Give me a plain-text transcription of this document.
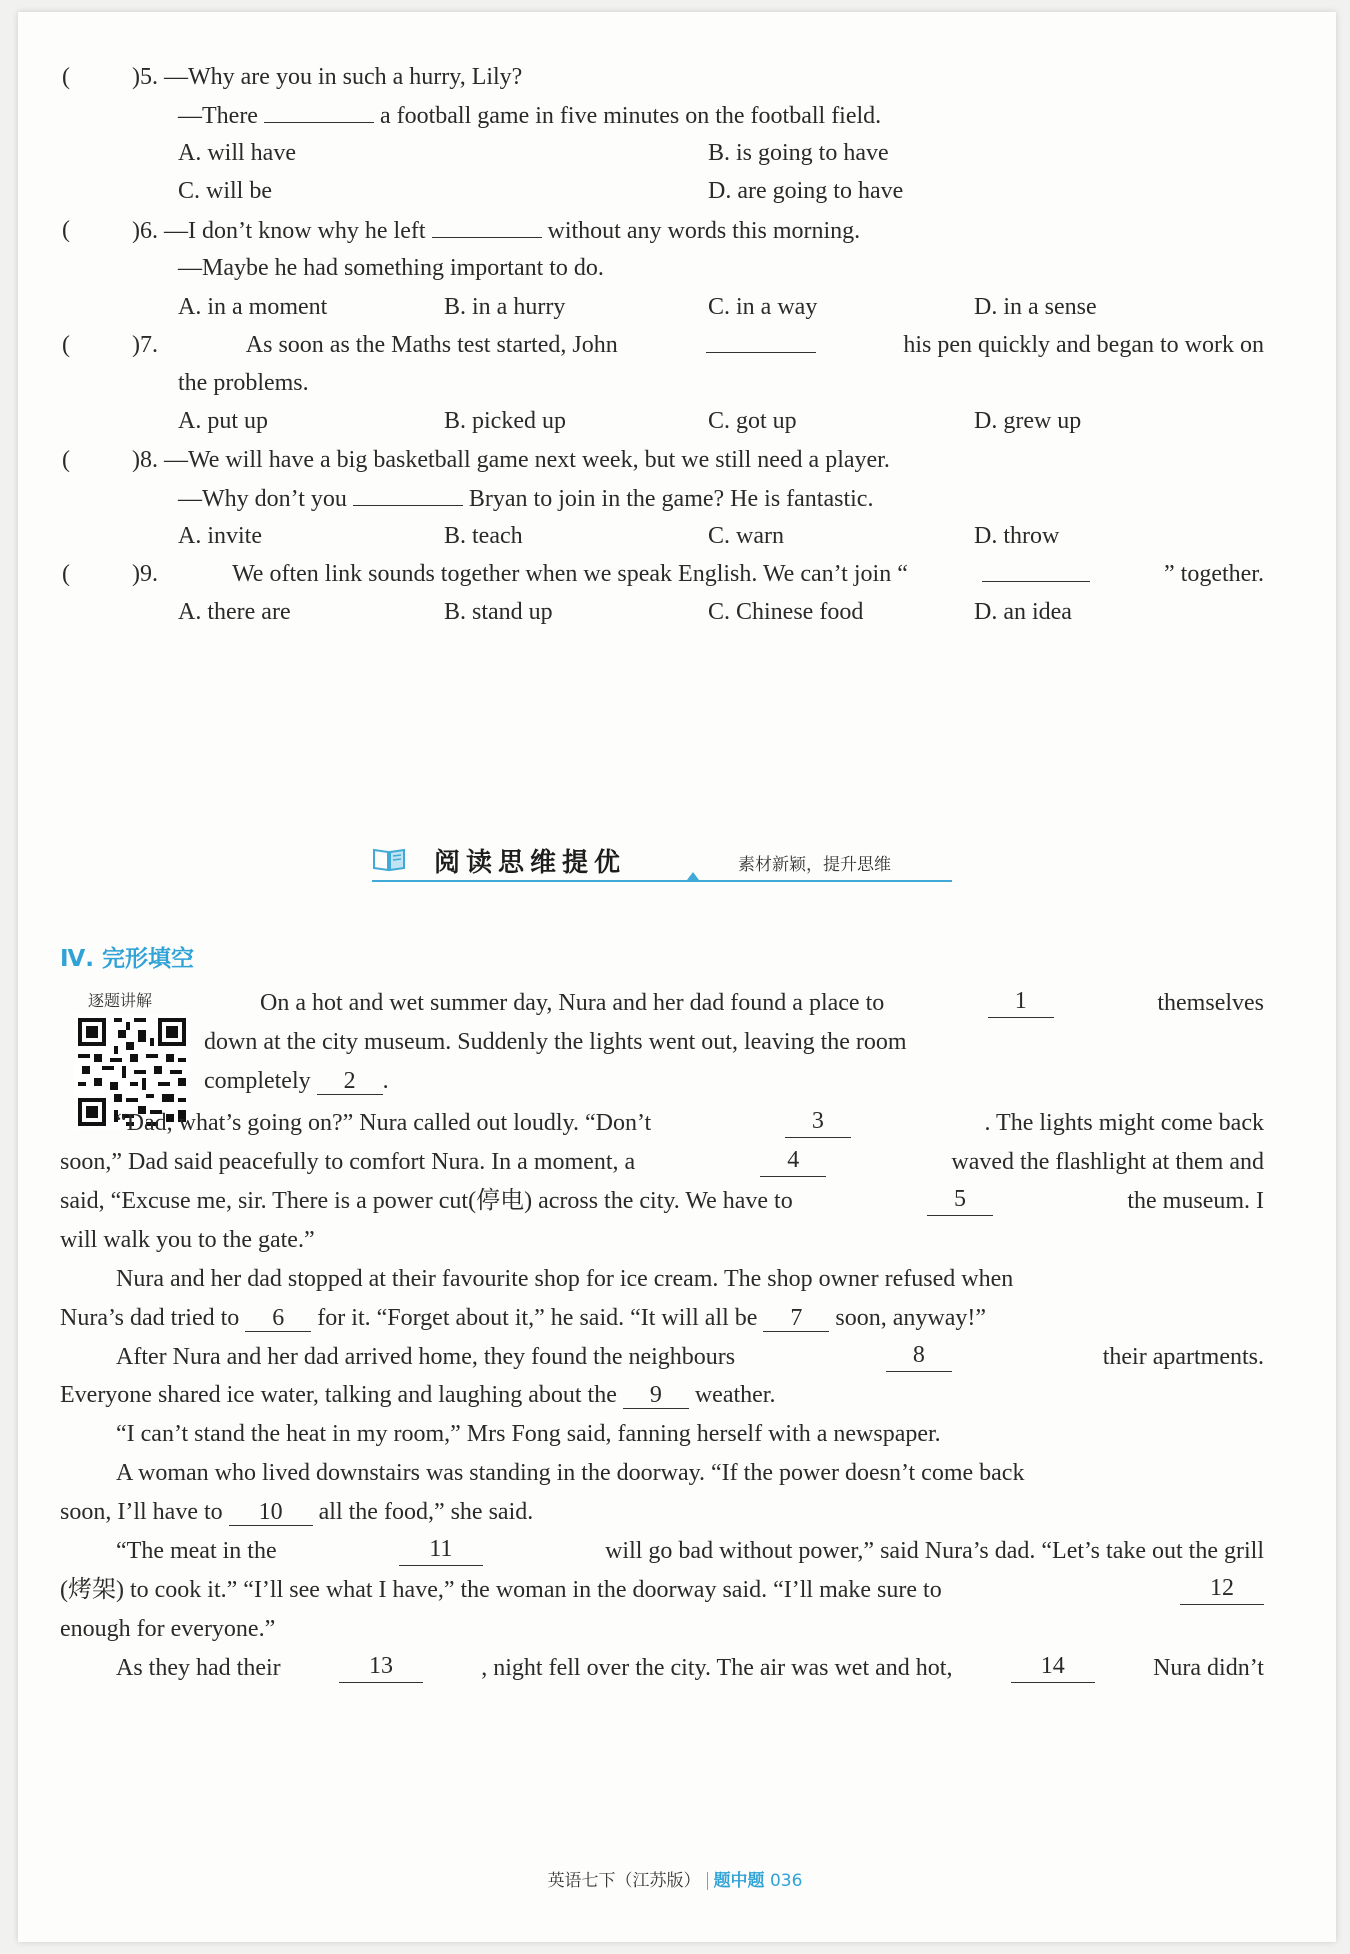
(	)5. —Why are you in such a hurry, Lily?
—There	a football game in five minutes on the football field.
A. will have	B. is going to have
C. will be	D. are going to have
(	)6. —I don’t know why he left	without any words this morning.
—Maybe he had something important to do.
A. in a moment	B. in a hurry	C. in a way	D. in a sense
(	)7.	As soon as the Maths test started, John	his pen quickly and began to work on
the problems.
A. put up	B. picked up	C. got up	D. grew up
(	)8. —We will have a big basketball game next week, but we still need a player.
—Why don’t you	Bryan to join in the game? He is fantastic.
A. invite	B. teach	C. warn	D. throw
(	)9.	We often link sounds together when we speak English. We can’t join “	” together.
A. there are	B. stand up	C. Chinese food	D. an idea
阅读思维提优	素材新颖，提升思维
Ⅳ. 完形填空
逐题讲解	On a hot and wet summer day, Nura and her dad found a place to	1	themselves
down at the city museum. Suddenly the lights went out, leaving the room
completely 2 .
“Dad, what’s going on?” Nura called out loudly. “Don’t	3	. The lights might come back
soon,” Dad said peacefully to comfort Nura. In a moment, a	4	waved the flashlight at them and
said, “Excuse me, sir. There is a power cut(停电) across the city. We have to	5	the museum. I
will walk you to the gate.”
Nura and her dad stopped at their favourite shop for ice cream. The shop owner refused when
Nura’s dad tried to 6 for it. “Forget about it,” he said. “It will all be 7 soon, anyway!”
After Nura and her dad arrived home, they found the neighbours	8	their apartments.
Everyone shared ice water, talking and laughing about the 9 weather.
“I can’t stand the heat in my room,” Mrs Fong said, fanning herself with a newspaper.
A woman who lived downstairs was standing in the doorway. “If the power doesn’t come back
soon, I’ll have to 10 all the food,” she said.
“The meat in the	11	will go bad without power,” said Nura’s dad. “Let’s take out the grill
(烤架) to cook it.” “I’ll see what I have,” the woman in the doorway said. “I’ll make sure to	12
enough for everyone.”
As they had their	13	, night fell over the city. The air was wet and hot,	14	Nura didn’t
英语七下（江苏版） 题中题 036
